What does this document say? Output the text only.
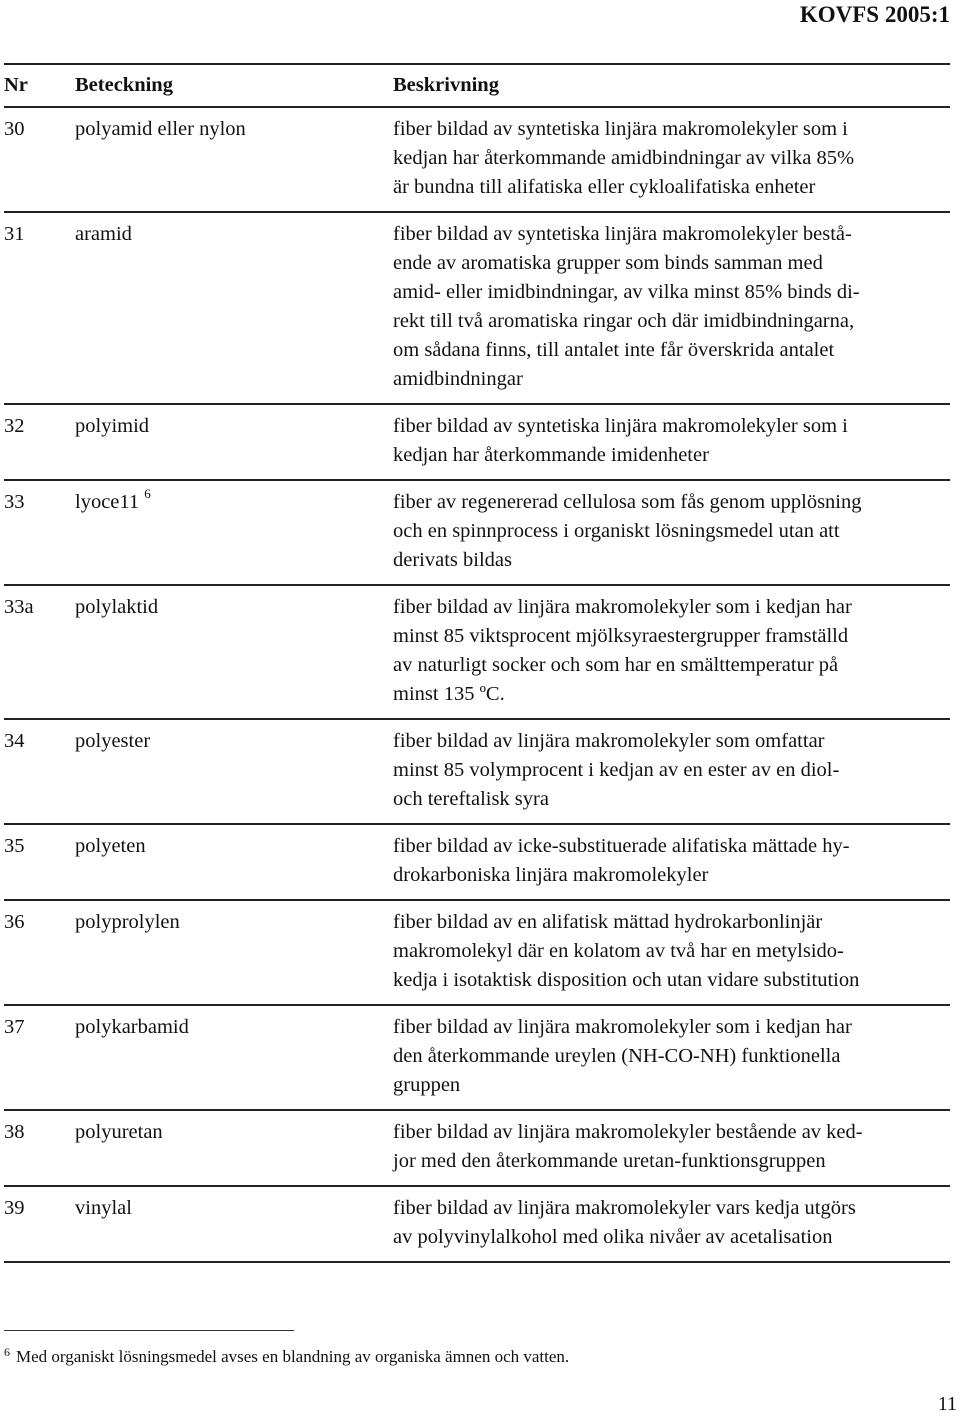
KOVFS 2005:1
Nr	Beteckning	Beskrivning
30	polyamid eller nylon	fiber bildad av syntetiska linjära makromolekyler som i
kedjan har återkommande amidbindningar av vilka 85%
är bundna till alifatiska eller cykloalifatiska enheter
31	aramid	fiber bildad av syntetiska linjära makromolekyler bestå-
ende av aromatiska grupper som binds samman med
amid- eller imidbindningar, av vilka minst 85% binds di-
rekt till två aromatiska ringar och där imidbindningarna,
om sådana finns, till antalet inte får överskrida antalet
amidbindningar
32	polyimid	fiber bildad av syntetiska linjära makromolekyler som i
kedjan har återkommande imidenheter
33	lyoce11 $^6$	fiber av regenererad cellulosa som fås genom upplösning
och en spinnprocess i organiskt lösningsmedel utan att
derivats bildas
33a	polylaktid	fiber bildad av linjära makromolekyler som i kedjan har
minst 85 viktsprocent mjölksyraestergrupper framställd
av naturligt socker och som har en smälttemperatur på
minst 135 ºC.
34	polyester	fiber bildad av linjära makromolekyler som omfattar
minst 85 volymprocent i kedjan av en ester av en diol-
och tereftalisk syra
35	polyeten	fiber bildad av icke-substituerade alifatiska mättade hy-
drokarboniska linjära makromolekyler
36	polyprolylen	fiber bildad av en alifatisk mättad hydrokarbonlinjär
makromolekyl där en kolatom av två har en metylsido-
kedja i isotaktisk disposition och utan vidare substitution
37	polykarbamid	fiber bildad av linjära makromolekyler som i kedjan har
den återkommande ureylen (NH-CO-NH) funktionella
gruppen
38	polyuretan	fiber bildad av linjära makromolekyler bestående av ked-
jor med den återkommande uretan-funktionsgruppen
39	vinylal	fiber bildad av linjära makromolekyler vars kedja utgörs
av polyvinylalkohol med olika nivåer av acetalisation
$^6$ Med organiskt lösningsmedel avses en blandning av organiska ämnen och vatten.
11
